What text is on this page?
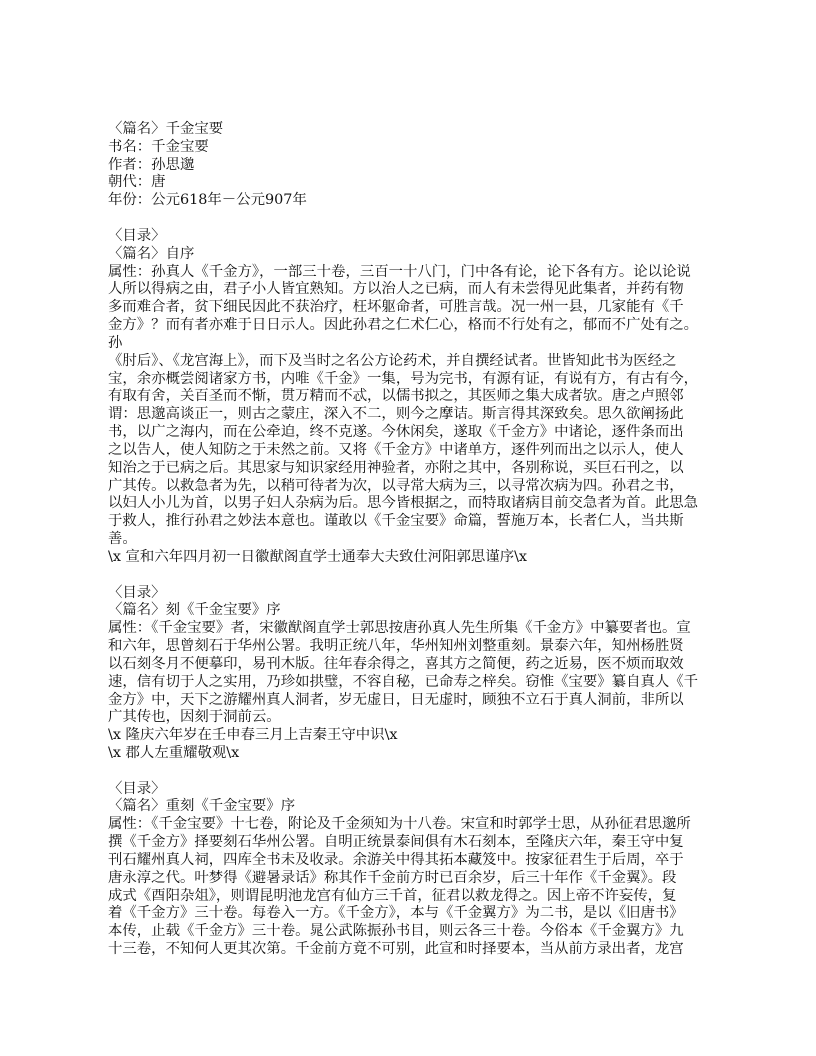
〈篇名〉千金宝要
书名：千金宝要
作者：孙思邈
朝代：唐
年份：公元618年－公元907年
〈目录〉
〈篇名〉自序
属性：孙真人《千金方》，一部三十卷，三百一十八门，门中各有论，论下各有方。论以论说
人所以得病之由，君子小人皆宜熟知。方以治人之已病，而人有未尝得见此集者，并药有物
多而难合者，贫下细民因此不获治疗，枉坏躯命者，可胜言哉。况一州一县，几家能有《千
金方》？而有者亦难于日日示人。因此孙君之仁术仁心，格而不行处有之，郁而不广处有之。
孙
《肘后》、《龙宫海上》，而下及当时之名公方论药术，并自撰经试者。世皆知此书为医经之
宝，余亦概尝阅诸家方书，内唯《千金》一集，号为完书，有源有证，有说有方，有古有今，
有取有舍，关百圣而不惭，贯万精而不忒，以儒书拟之，其医师之集大成者欤。唐之卢照邻
谓：思邈高谈正一，则古之蒙庄，深入不二，则今之摩诘。斯言得其深致矣。思久欲阐扬此
书，以广之海内，而在公牵迫，终不克遂。今休闲矣，遂取《千金方》中诸论，逐件条而出
之以告人，使人知防之于未然之前。又将《千金方》中诸单方，逐件列而出之以示人，使人
知治之于已病之后。其思家与知识家经用神验者，亦附之其中，各别称说，买巨石刊之，以
广其传。以救急者为先，以稍可待者为次，以寻常大病为三，以寻常次病为四。孙君之书，
以妇人小儿为首，以男子妇人杂病为后。思今皆根据之，而特取诸病目前交急者为首。此思急
于救人，推行孙君之妙法本意也。谨敢以《千金宝要》命篇，誓施万本，长者仁人，当共斯
善。
\x 宣和六年四月初一日徽猷阁直学士通奉大夫致仕河阳郭思谨序\x
〈目录〉
〈篇名〉刻《千金宝要》序
属性：《千金宝要》者，宋徽猷阁直学士郭思按唐孙真人先生所集《千金方》中纂要者也。宣
和六年，思曾刻石于华州公署。我明正统八年，华州知州刘整重刻。景泰六年，知州杨胜贤
以石刻冬月不便摹印，易刊木版。往年春余得之，喜其方之简便，药之近易，医不烦而取效
速，信有切于人之实用，乃珍如拱璧，不容自秘，已命寿之梓矣。窃惟《宝要》纂自真人《千
金方》中，天下之游耀州真人洞者，岁无虚日，日无虚时，顾独不立石于真人洞前，非所以
广其传也，因刻于洞前云。
\x 隆庆六年岁在壬申春三月上吉秦王守中识\x
\x 郡人左重耀敬观\x
〈目录〉
〈篇名〉重刻《千金宝要》序
属性：《千金宝要》十七卷，附论及千金须知为十八卷。宋宣和时郭学士思，从孙征君思邈所
撰《千金方》择要刻石华州公署。自明正统景泰间俱有木石刻本，至隆庆六年，秦王守中复
刊石耀州真人祠，四库全书未及收录。余游关中得其拓本藏笈中。按家征君生于后周，卒于
唐永淳之代。叶梦得《避暑录话》称其作千金前方时已百余岁，后三十年作《千金翼》。段
成式《酉阳杂俎》，则谓昆明池龙宫有仙方三千首，征君以救龙得之。因上帝不许妄传，复
着《千金方》三十卷。每卷入一方。《千金方》，本与《千金翼方》为二书，是以《旧唐书》
本传，止载《千金方》三十卷。晁公武陈振孙书目，则云各三十卷。今俗本《千金翼方》九
十三卷，不知何人更其次第。千金前方竟不可别，此宣和时择要本，当从前方录出者，龙宫
